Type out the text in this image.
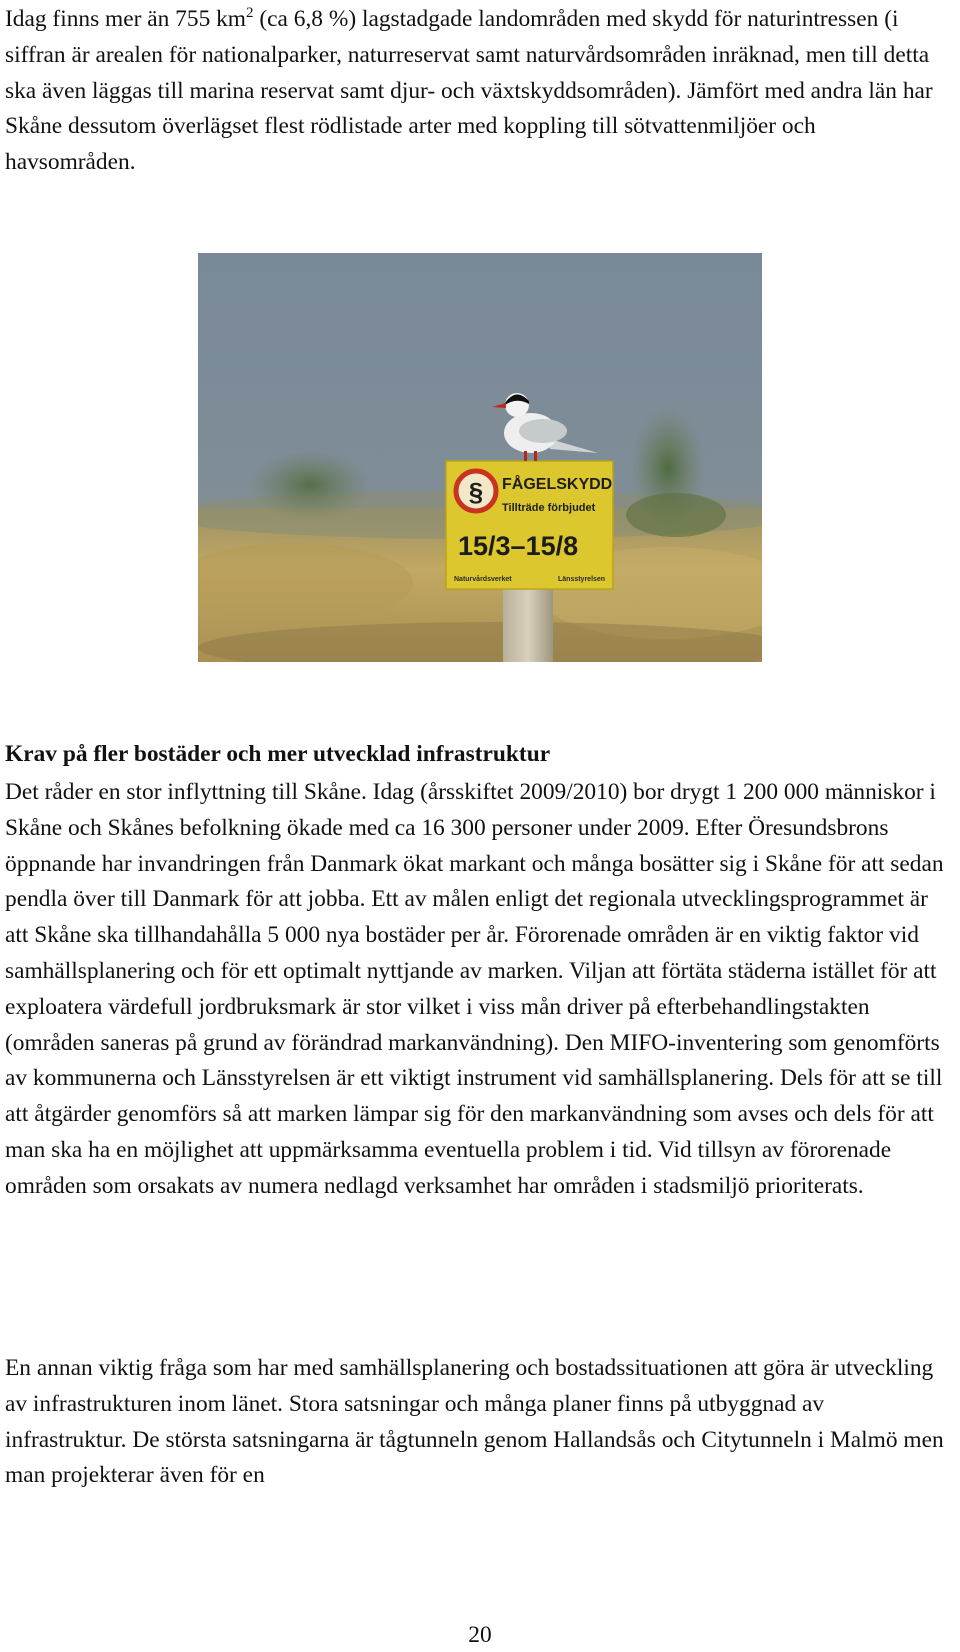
Idag finns mer än 755 $km^2$ (ca 6,8 %) lagstadgade landområden med skydd för naturintressen (i siffran är arealen för nationalparker, naturreservat samt naturvårdsområden inräknad, men till detta ska även läggas till marina reservat samt djur- och växtskyddsområden). Jämfört med andra län har Skåne dessutom överlägset flest rödlistade arter med koppling till sötvattenmiljöer och havsområden.

§ FÅGELSKYDD
Tillträde förbjudet
15/3–15/8
Naturvårdsverket	Länsstyrelsen
Krav på fler bostäder och mer utvecklad infrastruktur

Det råder en stor inflyttning till Skåne. Idag (årsskiftet 2009/2010) bor drygt 1 200 000 människor i Skåne och Skånes befolkning ökade med ca 16 300 personer under 2009. Efter Öresundsbrons öppnande har invandringen från Danmark ökat markant och många bosätter sig i Skåne för att sedan pendla över till Danmark för att jobba. Ett av målen enligt det regionala utvecklingsprogrammet är att Skåne ska tillhandahålla 5 000 nya bostäder per år. Förorenade områden är en viktig faktor vid samhällsplanering och för ett optimalt nyttjande av marken. Viljan att förtäta städerna istället för att exploatera värdefull jordbruksmark är stor vilket i viss mån driver på efterbehandlingstakten (områden saneras på grund av förändrad markanvändning). Den MIFO-inventering som genomförts av kommunerna och Länsstyrelsen är ett viktigt instrument vid samhällsplanering. Dels för att se till att åtgärder genomförs så att marken lämpar sig för den markanvändning som avses och dels för att man ska ha en möjlighet att uppmärksamma eventuella problem i tid. Vid tillsyn av förorenade områden som orsakats av numera nedlagd verksamhet har områden i stadsmiljö prioriterats.

En annan viktig fråga som har med samhällsplanering och bostadssituationen att göra är utveckling av infrastrukturen inom länet. Stora satsningar och många planer finns på utbyggnad av infrastruktur. De största satsningarna är tågtunneln genom Hallandsås och Citytunneln i Malmö men man projekterar även för en

20
